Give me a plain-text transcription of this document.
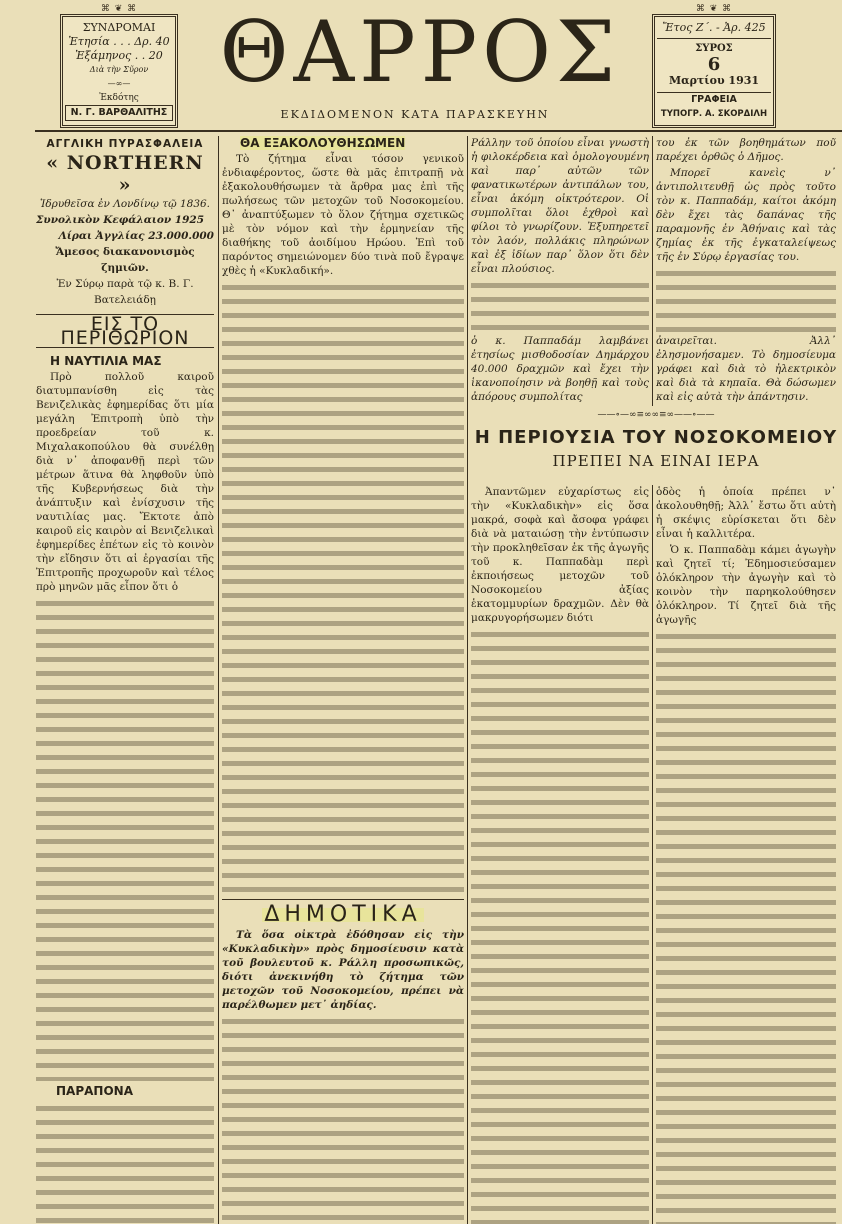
⌘ ❦ ⌘
ΣΥΝΔΡΟΜΑΙ
Ἐτησία . . . Δρ. 40
Ἑξάμηνος . . 20
Διὰ τὴν Σῦρον
—∞—
Ἐκδότης
Ν. Γ. ΒΑΡΘΑΛΙΤΗΣ
ΘΑΡΡΟΣ
ΕΚΔΙΔΟΜΕΝΟΝ ΚΑΤΑ ΠΑΡΑΣΚΕΥΗΝ
⌘ ❦ ⌘
Ἔτος Ζ΄. - Ἀρ. 425
ΣΥΡΟΣ
6
Μαρτίου 1931
ΓΡΑΦΕΙΑ
ΤΥΠΟΓΡ. Α. ΣΚΟΡΔΙΛΗ
ΑΓΓΛΙΚΗ ΠΥΡΑΣΦΑΛΕΙΑ
« NORTHERN »
Ἱδρυθεῖσα ἐν Λονδίνῳ τῷ 1836.
Συνολικὸν Κεφάλαιον 1925
Λίραι Ἀγγλίας 23.000.000
Ἄμεσος διακανονισμὸς ζημιῶν.
Ἐν Σύρῳ παρὰ τῷ κ. Β. Γ. Βατελειάδῃ
ΕΙΣ ΤΟ ΠΕΡΙΘΩΡΙΟΝ
Η ΝΑΥΤΙΛΙΑ ΜΑΣ

Πρὸ πολλοῦ καιροῦ διατυμπανίσθη εἰς τὰς Βενιζελικὰς ἐφημερίδας ὅτι μία μεγάλη Ἐπιτροπὴ ὑπὸ τὴν προεδρείαν τοῦ κ. Μιχαλακοπούλου θὰ συνέλθῃ διὰ ν᾽ ἀποφανθῇ περὶ τῶν μέτρων ἅτινα θὰ ληφθοῦν ὑπὸ τῆς Κυβερνήσεως διὰ τὴν ἀνάπτυξιν καὶ ἐνίσχυσιν τῆς ναυτιλίας μας. Ἔκτοτε ἀπὸ καιροῦ εἰς καιρὸν αἱ Βενιζελικαὶ ἐφημερίδες ἐπέτων εἰς τὸ κοινὸν τὴν εἴδησιν ὅτι αἱ ἐργασίαι τῆς Ἐπιτροπῆς προχωροῦν καὶ τέλος πρὸ μηνῶν μᾶς εἶπον ὅτι ὁ

ΠΑΡΑΠΟΝΑ
ΘΑ ΕΞΑΚΟΛΟΥΘΗΣΩΜΕΝ

Τὸ ζήτημα εἶναι τόσον γενικοῦ ἐνδιαφέροντος, ὥστε θὰ μᾶς ἐπιτραπῇ νὰ ἐξακολουθήσωμεν τὰ ἄρθρα μας ἐπὶ τῆς πωλήσεως τῶν μετοχῶν τοῦ Νοσοκομείου. Θ᾽ ἀναπτύξωμεν τὸ ὅλον ζήτημα σχετικῶς μὲ τὸν νόμον καὶ τὴν ἑρμηνείαν τῆς διαθήκης τοῦ ἀοιδίμου Ηρώου. Ἐπὶ τοῦ παρόντος σημειώνομεν δύο τινὰ ποῦ ἔγραψε χθὲς ἡ «Κυκλαδική».

ΔΗΜΟΤΙΚΑ

Τὰ ὅσα οἰκτρὰ ἐδόθησαν εἰς τὴν «Κυκλαδικὴν» πρὸς δημοσίευσιν κατὰ τοῦ βουλευτοῦ κ. Ράλλη προσωπικῶς, διότι ἀνεκινήθη τὸ ζήτημα τῶν μετοχῶν τοῦ Νοσοκομείου, πρέπει νὰ παρέλθωμεν μετ᾽ ἀηδίας.

Ράλλην τοῦ ὁποίου εἶναι γνωστὴ ἡ φιλοκέρδεια καὶ ὁμολογουμένη καὶ παρ᾽ αὐτῶν τῶν φανατικωτέρων ἀντιπάλων του, εἶναι ἀκόμη οἰκτρότερον. Οἱ συμπολῖται ὅλοι ἐχθροὶ καὶ φίλοι τὸ γνωρίζουν. Ἐξυπηρετεῖ τὸν λαόν, πολλάκις πληρώνων καὶ ἐξ ἰδίων παρ᾽ ὅλον ὅτι δὲν εἶναι πλούσιος.

ὁ κ. Παππαδάμ λαμβάνει ἐτησίως μισθοδοσίαν Δημάρχου 40.000 δραχμῶν καὶ ἔχει τὴν ἱκανοποίησιν νὰ βοηθῇ καὶ τοὺς ἀπόρους συμπολίτας

του ἐκ τῶν βοηθημάτων ποῦ παρέχει ὀρθῶς ὁ Δῆμος.

Μπορεῖ κανεὶς ν᾽ ἀντιπολιτευθῇ ὡς πρὸς τοῦτο τὸν κ. Παππαδάμ, καίτοι ἀκόμη δὲν ἔχει τὰς δαπάνας τῆς παραμονῆς ἐν Ἀθήναις καὶ τὰς ζημίας ἐκ τῆς ἐγκαταλείψεως τῆς ἐν Σύρῳ ἐργασίας του.

ἀναιρεῖται. Ἀλλ᾽ ἐλησμονήσαμεν. Τὸ δημοσίευμα γράφει καὶ διὰ τὸ ἠλεκτρικὸν καὶ διὰ τὰ κηπαῖα. Θὰ δώσωμεν καὶ εἰς αὐτὰ τὴν ἀπάντησιν.

——∘—∞≡∞∞≡∞——∘——
Η ΠΕΡΙΟΥΣΙΑ ΤΟΥ ΝΟΣΟΚΟΜΕΙΟΥ
ΠΡΕΠΕΙ ΝΑ ΕΙΝΑΙ ΙΕΡΑ

Ἀπαντῶμεν εὐχαρίστως εἰς τὴν «Κυκλαδικὴν» εἰς ὅσα μακρά, σοφὰ καὶ ἄσοφα γράφει διὰ νὰ ματαιώσῃ τὴν ἐντύπωσιν τὴν προκληθεῖσαν ἐκ τῆς ἀγωγῆς τοῦ κ. Παππαδὰμ περὶ ἐκποιήσεως μετοχῶν τοῦ Νοσοκομείου ἀξίας ἑκατομμυρίων δραχμῶν. Δὲν θὰ μακρυγορήσωμεν διότι

ὁδὸς ἡ ὁποία πρέπει ν᾽ ἀκολουθηθῇ; Ἀλλ᾽ ἔστω ὅτι αὐτὴ ἡ σκέψις εὑρίσκεται ὅτι δὲν εἶναι ἡ καλλιτέρα.

Ὁ κ. Παππαδὰμ κάμει ἀγωγὴν καὶ ζητεῖ τί; Ἐδημοσιεύσαμεν ὁλόκληρον τὴν ἀγωγὴν καὶ τὸ κοινὸν τὴν παρηκολούθησεν ὁλόκληρον. Τί ζητεῖ διὰ τῆς ἀγωγῆς
